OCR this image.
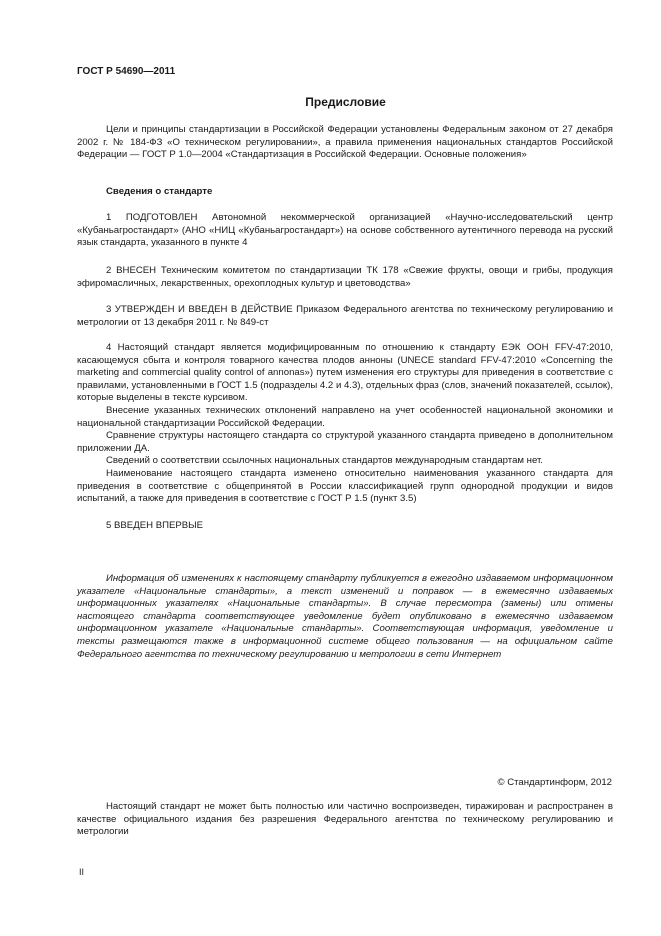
ГОСТ Р 54690—2011
Предисловие

Цели и принципы стандартизации в Российской Федерации установлены Федеральным законом от 27 декабря 2002 г. № 184-ФЗ «О техническом регулировании», а правила применения национальных стандартов Российской Федерации — ГОСТ Р 1.0—2004 «Стандартизация в Российской Федерации. Основные положения»

Сведения о стандарте

1 ПОДГОТОВЛЕН Автономной некоммерческой организацией «Научно-исследовательский центр «Кубаньагростандарт» (АНО «НИЦ «Кубаньагростандарт») на основе собственного аутентичного перевода на русский язык стандарта, указанного в пункте 4

2 ВНЕСЕН Техническим комитетом по стандартизации ТК 178 «Свежие фрукты, овощи и грибы, продукция эфиромасличных, лекарственных, орехоплодных культур и цветоводства»

3 УТВЕРЖДЕН И ВВЕДЕН В ДЕЙСТВИЕ Приказом Федерального агентства по техническому регулированию и метрологии от 13 декабря 2011 г. № 849-ст

4 Настоящий стандарт является модифицированным по отношению к стандарту ЕЭК ООН FFV-47:2010, касающемуся сбыта и контроля товарного качества плодов анноны (UNECE standard FFV-47:2010 «Concerning the marketing and commercial quality control of annonas») путем изменения его структуры для приведения в соответствие с правилами, установленными в ГОСТ 1.5 (подразделы 4.2 и 4.3), отдельных фраз (слов, значений показателей, ссылок), которые выделены в тексте курсивом.

Внесение указанных технических отклонений направлено на учет особенностей национальной экономики и национальной стандартизации Российской Федерации.

Сравнение структуры настоящего стандарта со структурой указанного стандарта приведено в дополнительном приложении ДА.

Сведений о соответствии ссылочных национальных стандартов международным стандартам нет.

Наименование настоящего стандарта изменено относительно наименования указанного стандарта для приведения в соответствие с общепринятой в России классификацией групп однородной продукции и видов испытаний, а также для приведения в соответствие с ГОСТ Р 1.5 (пункт 3.5)

5 ВВЕДЕН ВПЕРВЫЕ

Информация об изменениях к настоящему стандарту публикуется в ежегодно издаваемом информационном указателе «Национальные стандарты», а текст изменений и поправок — в ежемесячно издаваемых информационных указателях «Национальные стандарты». В случае пересмотра (замены) или отмены настоящего стандарта соответствующее уведомление будет опубликовано в ежемесячно издаваемом информационном указателе «Национальные стандарты». Соответствующая информация, уведомление и тексты размещаются также в информационной системе общего пользования — на официальном сайте Федерального агентства по техническому регулированию и метрологии в сети Интернет

© Стандартинформ, 2012

Настоящий стандарт не может быть полностью или частично воспроизведен, тиражирован и распространен в качестве официального издания без разрешения Федерального агентства по техническому регулированию и метрологии

II
